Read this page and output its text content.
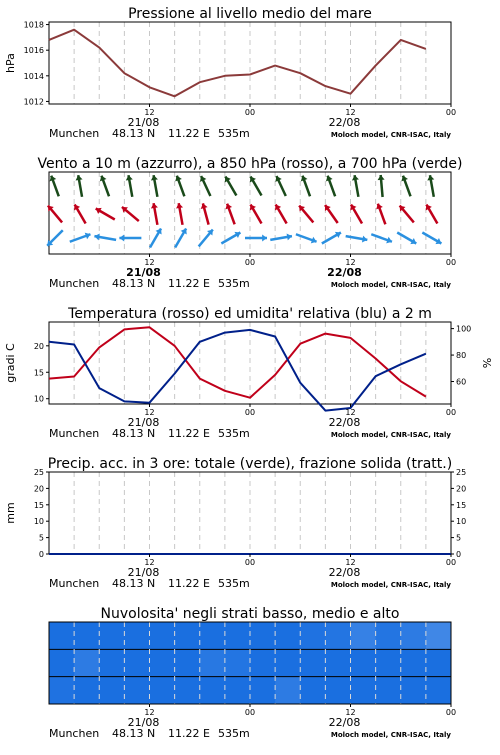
Pressione al livello medio del mare
1018
1016
1014
1012
hPa
12	00	12	00
21/08	22/08
Munchen 48.13 N 11.22 E 535m	Moloch model, CNR-ISAC, Italy
Vento a 10 m (azzurro), a 850 hPa (rosso), a 700 hPa (verde)
12	00	12	00
21/08	22/08
Munchen 48.13 N 11.22 E 535m	Moloch model, CNR-ISAC, Italy
Temperatura (rosso) ed umidita' relativa (blu) a 2 m
20
15
10
100
80
60
gradi C	%
12	00	12	00
21/08	22/08
Munchen 48.13 N 11.22 E 535m	Moloch model, CNR-ISAC, Italy
Precip. acc. in 3 ore: totale (verde), frazione solida (tratt.)
25
20
15
10
5
0
25
20
15
10
5
0
mm
12	00	12	00
21/08	22/08
Munchen 48.13 N 11.22 E 535m	Moloch model, CNR-ISAC, Italy
Nuvolosita' negli strati basso, medio e alto
12	00	12	00
21/08	22/08
Munchen 48.13 N 11.22 E 535m	Moloch model, CNR-ISAC, Italy
